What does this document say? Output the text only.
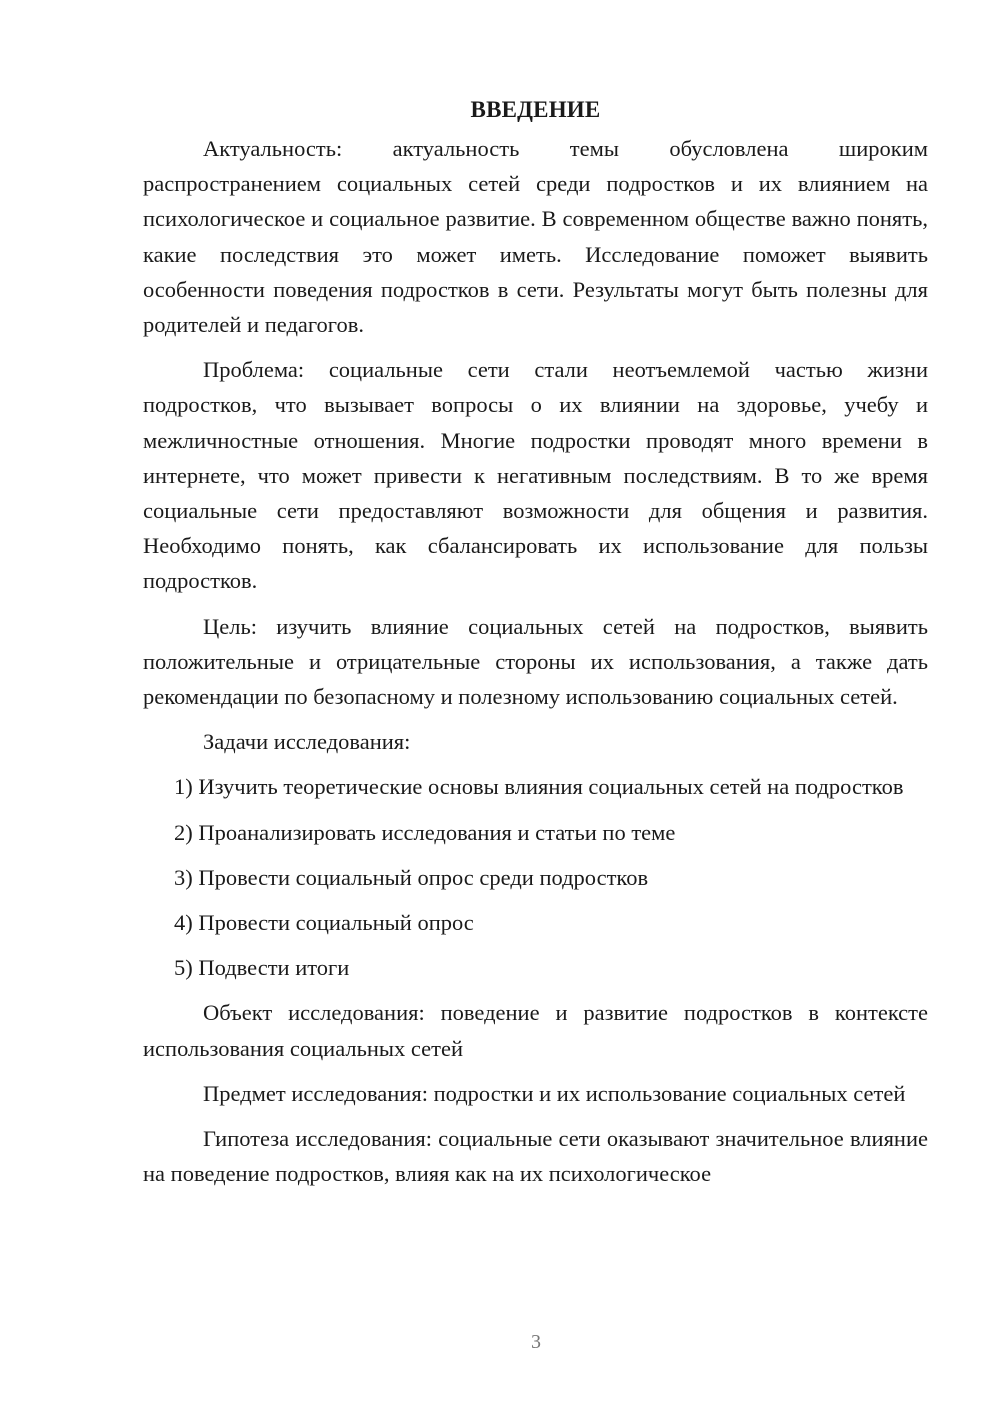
ВВЕДЕНИЕ

Актуальность: актуальность темы обусловлена широким распространением социальных сетей среди подростков и их влиянием на психологическое и социальное развитие. В современном обществе важно понять, какие последствия это может иметь. Исследование поможет выявить особенности поведения подростков в сети. Результаты могут быть полезны для родителей и педагогов.

Проблема: социальные сети стали неотъемлемой частью жизни подростков, что вызывает вопросы о их влиянии на здоровье, учебу и межличностные отношения. Многие подростки проводят много времени в интернете, что может привести к негативным последствиям. В то же время социальные сети предоставляют возможности для общения и развития. Необходимо понять, как сбалансировать их использование для пользы подростков.

Цель: изучить влияние социальных сетей на подростков, выявить положительные и отрицательные стороны их использования, а также дать рекомендации по безопасному и полезному использованию социальных сетей.

Задачи исследования:

1) Изучить теоретические основы влияния социальных сетей на подростков

2) Проанализировать исследования и статьи по теме

3) Провести социальный опрос среди подростков

4) Провести социальный опрос

5) Подвести итоги

Объект исследования: поведение и развитие подростков в контексте использования социальных сетей

Предмет исследования: подростки и их использование социальных сетей

Гипотеза исследования: социальные сети оказывают значительное влияние на поведение подростков, влияя как на их психологическое

3
